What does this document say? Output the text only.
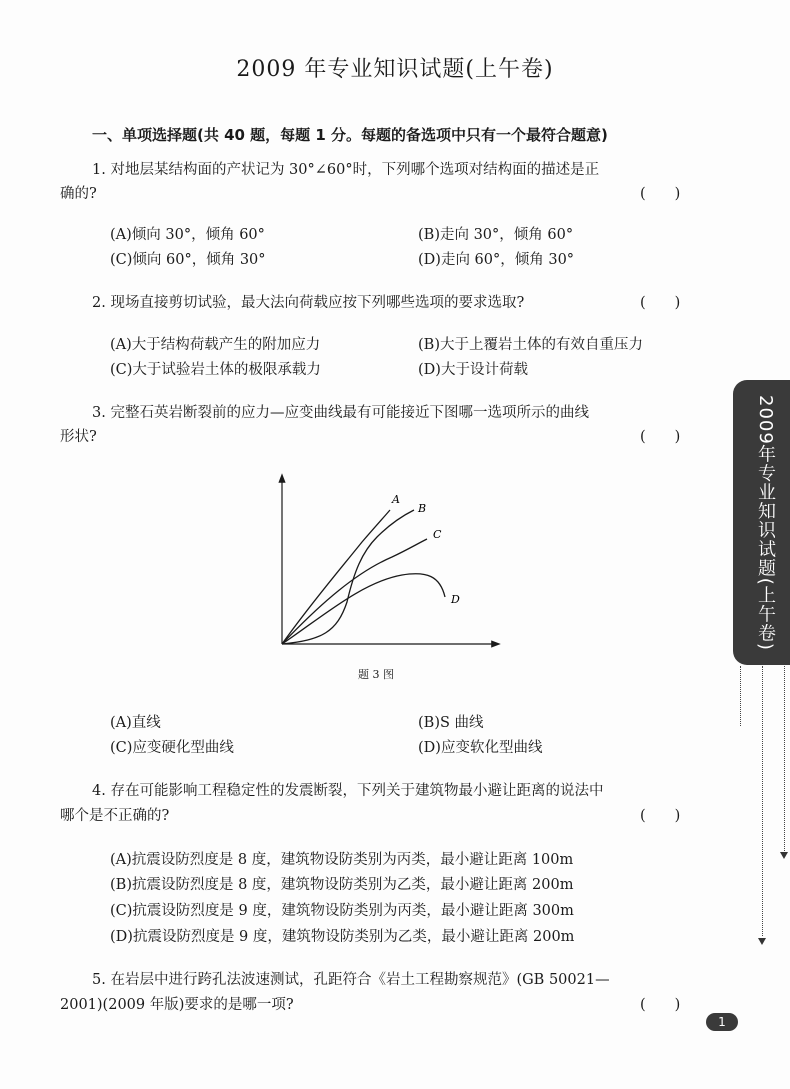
2009 年专业知识试题(上午卷)
一、单项选择题(共 40 题，每题 1 分。每题的备选项中只有一个最符合题意)
1. 对地层某结构面的产状记为 30°∠60°时，下列哪个选项对结构面的描述是正
确的?	(　　)
(A)倾向 30°，倾角 60°	(B)走向 30°，倾角 60°
(C)倾向 60°，倾角 30°	(D)走向 60°，倾角 30°
2. 现场直接剪切试验，最大法向荷载应按下列哪些选项的要求选取?	(　　)
(A)大于结构荷载产生的附加应力	(B)大于上覆岩土体的有效自重压力
(C)大于试验岩土体的极限承载力	(D)大于设计荷载
3. 完整石英岩断裂前的应力—应变曲线最有可能接近下图哪一选项所示的曲线
形状?	(　　)
A
B
C
D
题 3 图
(A)直线	(B)S 曲线
(C)应变硬化型曲线	(D)应变软化型曲线
4. 存在可能影响工程稳定性的发震断裂，下列关于建筑物最小避让距离的说法中
哪个是不正确的?	(　　)
(A)抗震设防烈度是 8 度，建筑物设防类别为丙类，最小避让距离 100m
(B)抗震设防烈度是 8 度，建筑物设防类别为乙类，最小避让距离 200m
(C)抗震设防烈度是 9 度，建筑物设防类别为丙类，最小避让距离 300m
(D)抗震设防烈度是 9 度，建筑物设防类别为乙类，最小避让距离 200m
5. 在岩层中进行跨孔法波速测试，孔距符合《岩土工程勘察规范》(GB 50021—
2001)(2009 年版)要求的是哪一项?	(　　)
2009年专业知识试题(上午卷)
1
